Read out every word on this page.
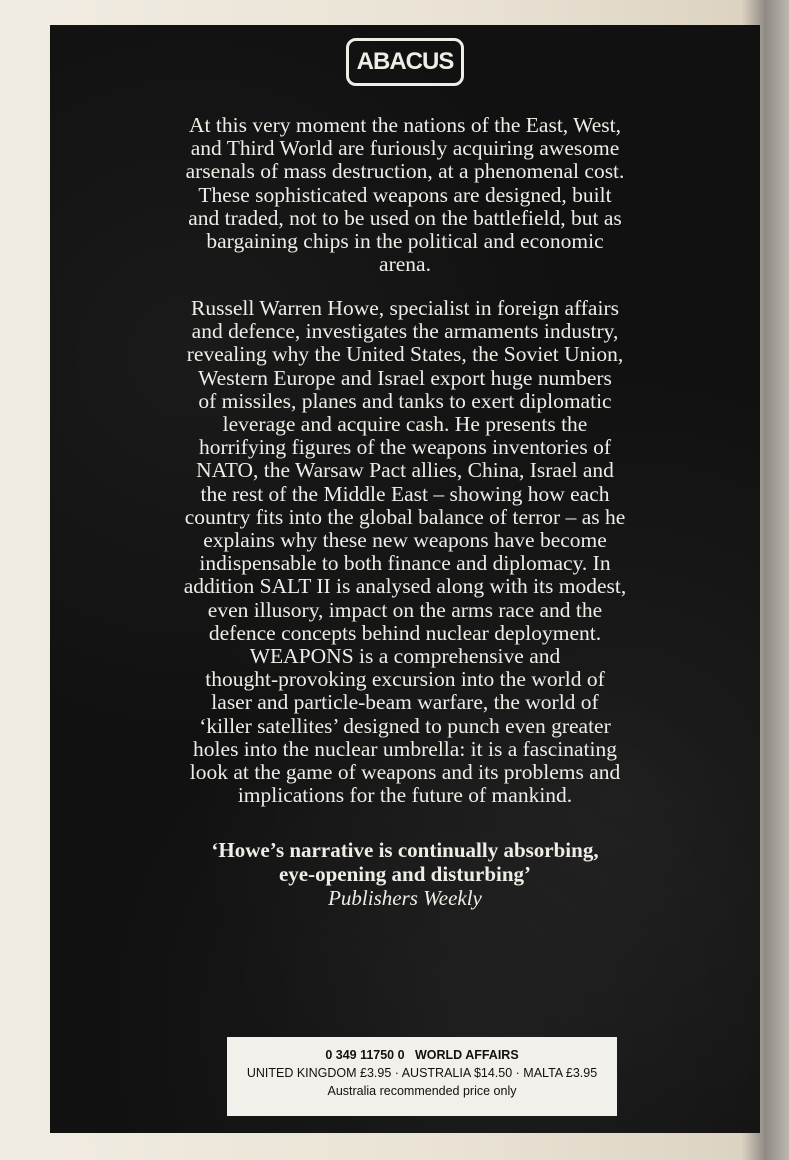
ABACUS

At this very moment the nations of the East, West,
and Third World are furiously acquiring awesome
arsenals of mass destruction, at a phenomenal cost.
These sophisticated weapons are designed, built
and traded, not to be used on the battlefield, but as
bargaining chips in the political and economic
arena.

Russell Warren Howe, specialist in foreign affairs
and defence, investigates the armaments industry,
revealing why the United States, the Soviet Union,
Western Europe and Israel export huge numbers
of missiles, planes and tanks to exert diplomatic
leverage and acquire cash. He presents the
horrifying figures of the weapons inventories of
NATO, the Warsaw Pact allies, China, Israel and
the rest of the Middle East – showing how each
country fits into the global balance of terror – as he
explains why these new weapons have become
indispensable to both finance and diplomacy. In
addition SALT II is analysed along with its modest,
even illusory, impact on the arms race and the
defence concepts behind nuclear deployment.
WEAPONS is a comprehensive and
thought-provoking excursion into the world of
laser and particle-beam warfare, the world of
‘killer satellites’ designed to punch even greater
holes into the nuclear umbrella: it is a fascinating
look at the game of weapons and its problems and
implications for the future of mankind.

‘Howe’s narrative is continually absorbing,
eye-opening and disturbing’
Publishers Weekly
0 349 11750 0   WORLD AFFAIRS
UNITED KINGDOM £3.95 · AUSTRALIA $14.50 · MALTA £3.95
Australia recommended price only
